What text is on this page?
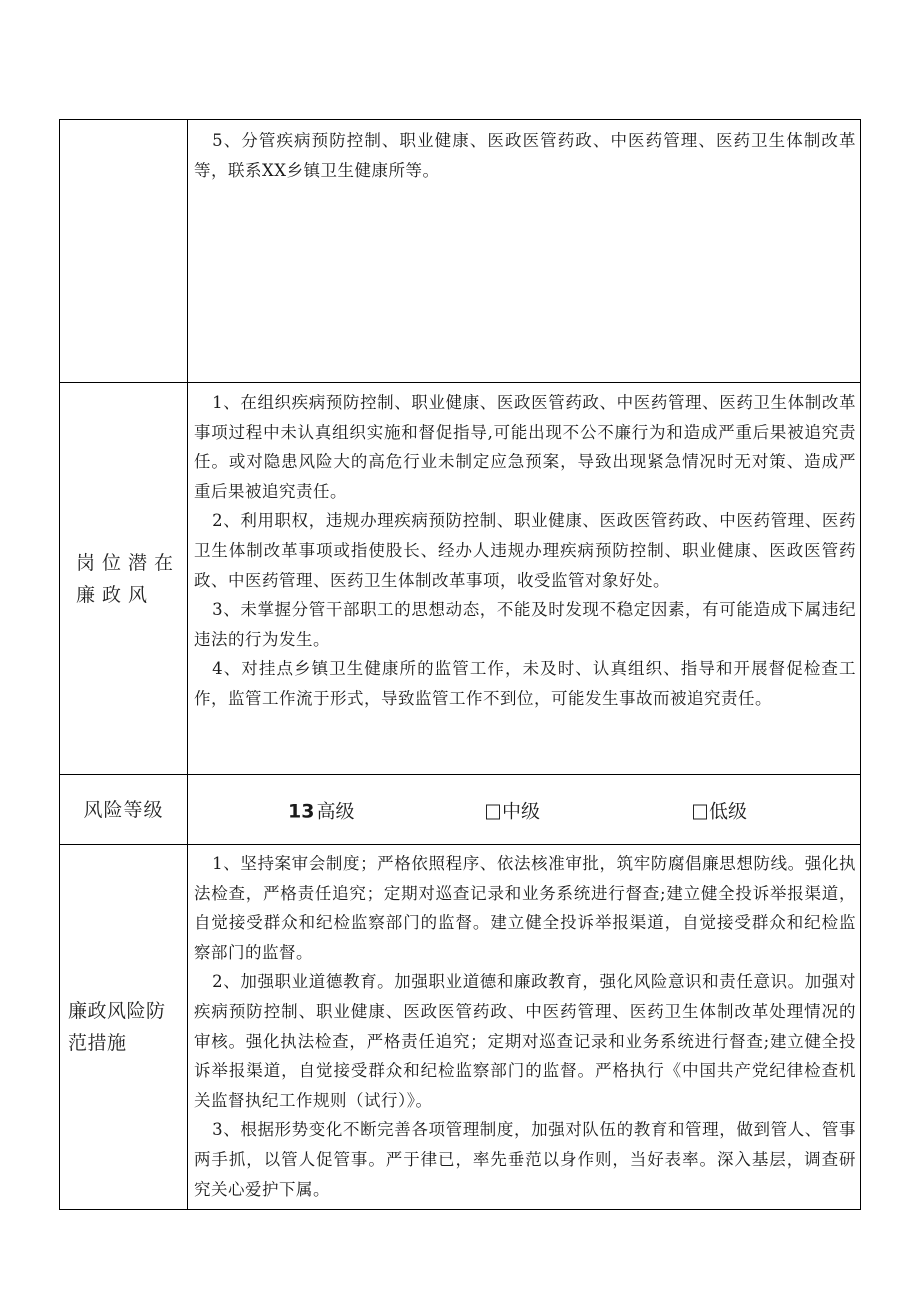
	5、分管疾病预防控制、职业健康、医政医管药政、中医药管理、医药卫生体制改革等，联系XX乡镇卫生健康所等。

岗位潜在廉政风	1、在组织疾病预防控制、职业健康、医政医管药政、中医药管理、医药卫生体制改革事项过程中未认真组织实施和督促指导,可能出现不公不廉行为和造成严重后果被追究责任。或对隐患风险大的高危行业未制定应急预案，导致出现紧急情况时无对策、造成严重后果被追究责任。

2、利用职权，违规办理疾病预防控制、职业健康、医政医管药政、中医药管理、医药卫生体制改革事项或指使股长、经办人违规办理疾病预防控制、职业健康、医政医管药政、中医药管理、医药卫生体制改革事项，收受监管对象好处。

3、未掌握分管干部职工的思想动态，不能及时发现不稳定因素，有可能造成下属违纪违法的行为发生。

4、对挂点乡镇卫生健康所的监管工作，未及时、认真组织、指导和开展督促检查工作，监管工作流于形式，导致监管工作不到位，可能发生事故而被追究责任。

风险等级	13 高级 中级 低级

廉政风险防范措施	1、坚持案审会制度；严格依照程序、依法核准审批，筑牢防腐倡廉思想防线。强化执法检查，严格责任追究；定期对巡查记录和业务系统进行督查;建立健全投诉举报渠道，自觉接受群众和纪检监察部门的监督。建立健全投诉举报渠道，自觉接受群众和纪检监察部门的监督。

2、加强职业道德教育。加强职业道德和廉政教育，强化风险意识和责任意识。加强对疾病预防控制、职业健康、医政医管药政、中医药管理、医药卫生体制改革处理情况的审核。强化执法检查，严格责任追究；定期对巡查记录和业务系统进行督查;建立健全投诉举报渠道，自觉接受群众和纪检监察部门的监督。严格执行《中国共产党纪律检查机关监督执纪工作规则（试行）》。

3、根据形势变化不断完善各项管理制度，加强对队伍的教育和管理，做到管人、管事两手抓，以管人促管事。严于律已，率先垂范以身作则，当好表率。深入基层，调查研究关心爱护下属。
